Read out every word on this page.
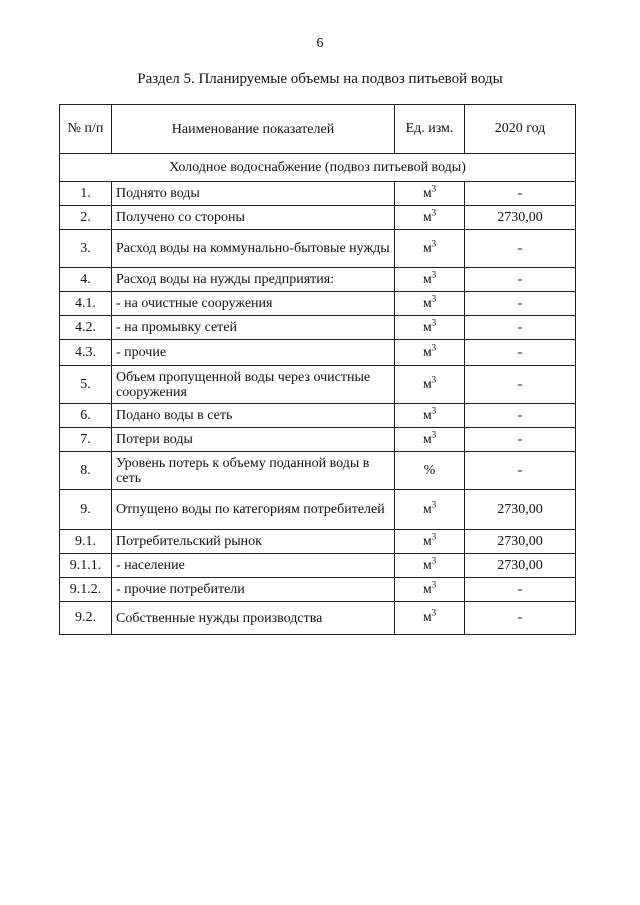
6
Раздел 5. Планируемые объемы на подвоз питьевой воды
№ п/п	Наименование показателей	Ед. изм.	2020 год
Холодное водоснабжение (подвоз питьевой воды)			
1.	Поднято воды	$м^3$	-
2.	Получено со стороны	$м^3$	2730,00
3.	Расход воды на коммунально-бытовые нужды	$м^3$	-
4.	Расход воды на нужды предприятия:	$м^3$	-
4.1.	- на очистные сооружения	$м^3$	-
4.2.	- на промывку сетей	$м^3$	-
4.3.	- прочие	$м^3$	-
5.	Объем пропущенной воды через очистные сооружения	$м^3$	-
6.	Подано воды в сеть	$м^3$	-
7.	Потери воды	$м^3$	-
8.	Уровень потерь к объему поданной воды в сеть	%	-
9.	Отпущено воды по категориям потребителей	$м^3$	2730,00
9.1.	Потребительский рынок	$м^3$	2730,00
9.1.1.	- население	$м^3$	2730,00
9.1.2.	- прочие потребители	$м^3$	-
9.2.	Собственные нужды производства	$м^3$	-
